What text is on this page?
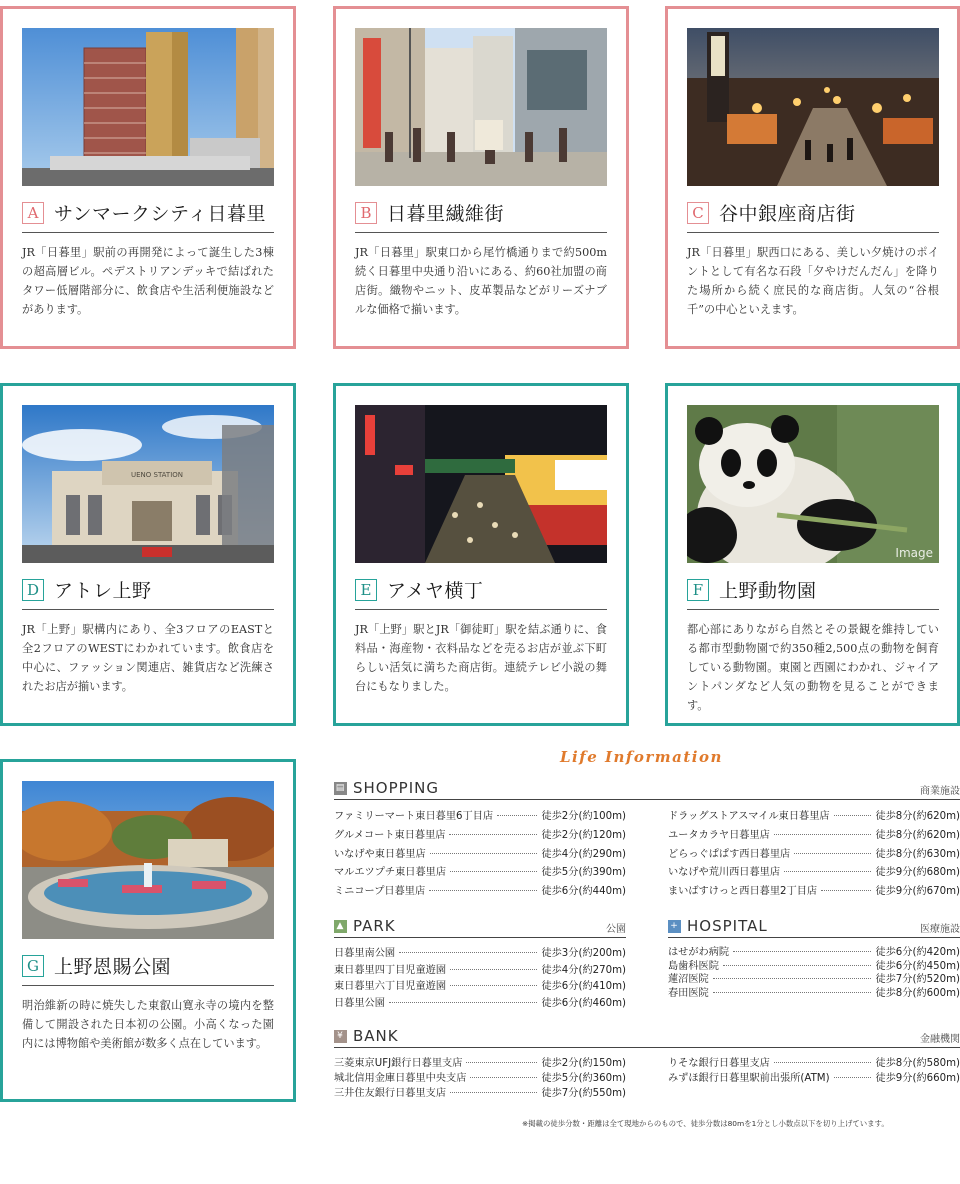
A サンマークシティ日暮里

JR「日暮里」駅前の再開発によって誕生した3棟の超高層ビル。ペデストリアンデッキで結ばれたタワー低層階部分に、飲食店や生活利便施設などがあります。

B 日暮里繊維街

JR「日暮里」駅東口から尾竹橋通りまで約500m続く日暮里中央通り沿いにある、約60社加盟の商店街。織物やニット、皮革製品などがリーズナブルな価格で揃います。

C 谷中銀座商店街

JR「日暮里」駅西口にある、美しい夕焼けのポイントとして有名な石段「夕やけだんだん」を降りた場所から続く庶民的な商店街。人気の“谷根千”の中心といえます。

UENO STATION
D アトレ上野

JR「上野」駅構内にあり、全3フロアのEASTと全2フロアのWESTにわかれています。飲食店を中心に、ファッション関連店、雑貨店など洗練されたお店が揃います。

E アメヤ横丁

JR「上野」駅とJR「御徒町」駅を結ぶ通りに、食料品・海産物・衣料品などを売るお店が並ぶ下町らしい活気に満ちた商店街。連続テレビ小説の舞台にもなりました。

Image
F 上野動物園

都心部にありながら自然とその景観を維持している都市型動物園で約350種2,500点の動物を飼育している動物園。東園と西園にわかれ、ジャイアントパンダなど人気の動物を見ることができます。

G 上野恩賜公園

明治維新の時に焼失した東叡山寛永寺の境内を整備して開設された日本初の公園。小高くなった園内には博物館や美術館が数多く点在しています。

Life Information
▤ SHOPPING	商業施設
ファミリーマート東日暮里6丁目店	徒歩2分(約100m)
グルメコート東日暮里店	徒歩2分(約120m)
いなげや東日暮里店	徒歩4分(約290m)
マルエツプチ東日暮里店	徒歩5分(約390m)
ミニコープ日暮里店	徒歩6分(約440m)
ドラッグストアスマイル東日暮里店	徒歩8分(約620m)
ユータカラヤ日暮里店	徒歩8分(約620m)
どらっぐぱぱす西日暮里店	徒歩8分(約630m)
いなげや荒川西日暮里店	徒歩9分(約680m)
まいばすけっと西日暮里2丁目店	徒歩9分(約670m)
▲ PARK	公園
日暮里南公園	徒歩3分(約200m)
東日暮里四丁目児童遊園	徒歩4分(約270m)
東日暮里六丁目児童遊園	徒歩6分(約410m)
日暮里公園	徒歩6分(約460m)
+ HOSPITAL	医療施設
はせがわ病院	徒歩6分(約420m)
島歯科医院	徒歩6分(約450m)
蓮沼医院	徒歩7分(約520m)
春田医院	徒歩8分(約600m)
¥ BANK	金融機関
三菱東京UFJ銀行日暮里支店	徒歩2分(約150m)
城北信用金庫日暮里中央支店	徒歩5分(約360m)
三井住友銀行日暮里支店	徒歩7分(約550m)
りそな銀行日暮里支店	徒歩8分(約580m)
みずほ銀行日暮里駅前出張所(ATM)	徒歩9分(約660m)
※掲載の徒歩分数・距離は全て現地からのもので、徒歩分数は80mを1分とし小数点以下を切り上げています。
